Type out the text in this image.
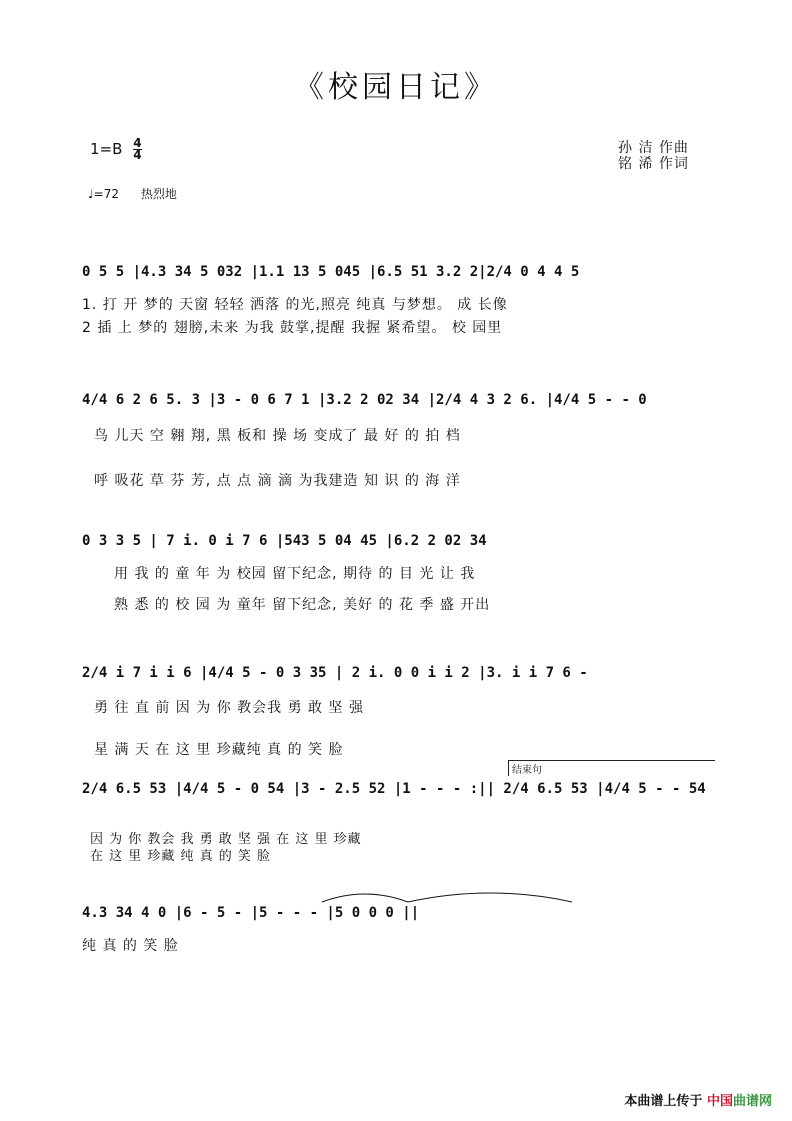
《校园日记》
$1=B \frac{4}{4}$	孙 洁 作曲
铭 浠 作词
♩=72 热烈地
0 5 5 |4.3 34 5 032 |1.1 13 5 045 |6.5 51 3.2 2|2/4 0 4 4 5
1. 打 开 梦的 天窗 轻轻 洒落 的光,照亮 纯真 与梦想。 成 长像
2 插 上 梦的 翅膀,未来 为我 鼓掌,提醒 我握 紧希望。 校 园里
4/4 6 2 6 5. 3 |3 - 0 6 7 1 |3.2 2 02 34 |2/4 4 3 2 6. |4/4 5 - - 0
鸟 儿天 空 翱 翔, 黑 板和 操 场 变成了 最 好 的 拍 档
呼 吸花 草 芬 芳, 点 点 滴 滴 为我建造 知 识 的 海 洋
0 3 3 5 | 7 i. 0 i 7 6 |543 5 04 45 |6.2 2 02 34
用 我 的 童 年 为 校园 留下纪念, 期待 的 目 光 让 我
熟 悉 的 校 园 为 童年 留下纪念, 美好 的 花 季 盛 开出
2/4 i 7 i i 6 |4/4 5 - 0 3 35 | 2 i. 0 0 i i 2 |3. i i 7 6 -
勇 往 直 前 因 为 你 教会我 勇 敢 坚 强
星 满 天 在 这 里 珍藏纯 真 的 笑 脸
结束句
2/4 6.5 53 |4/4 5 - 0 54 |3 - 2.5 52 |1 - - - :|| 2/4 6.5 53 |4/4 5 - - 54
因 为 你 教会 我 勇 敢 坚 强 在 这 里 珍藏
在 这 里 珍藏 纯 真 的 笑 脸
4.3 34 4 0 |6 - 5 - |5 - - - |5 0 0 0 ||
纯 真 的 笑 脸
本曲谱上传于 中国曲谱网
